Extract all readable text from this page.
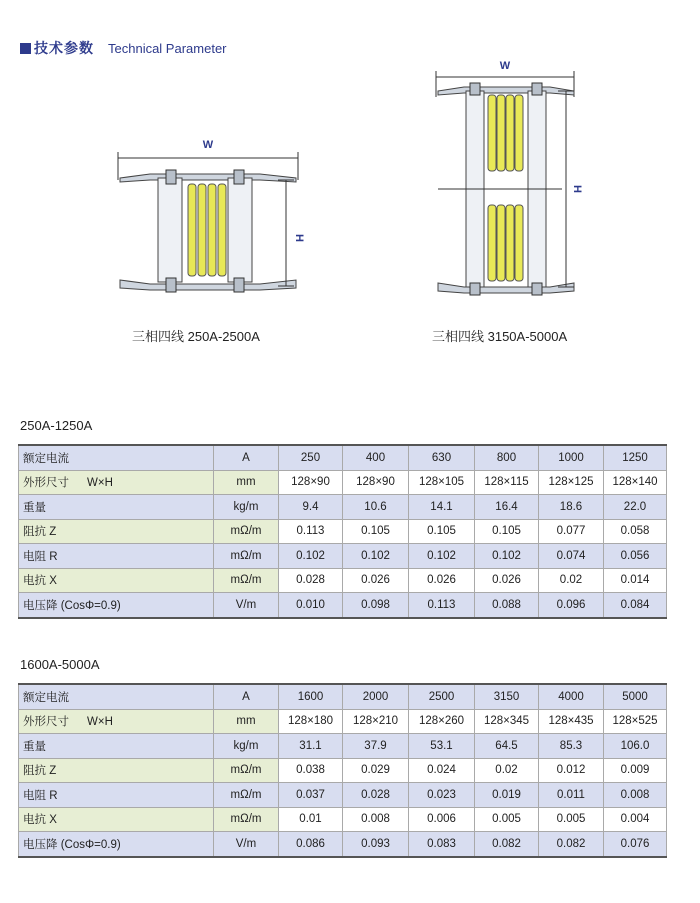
技术参数 Technical Parameter
W
H
三相四线 250A-2500A
W
H
三相四线 3150A-5000A
250A-1250A
额定电流	A	250	400	630	800	1000	1250
外形尺寸 W×H	mm	128×90	128×90	128×105	128×115	128×125	128×140
重量	kg/m	9.4	10.6	14.1	16.4	18.6	22.0
阻抗 Z	mΩ/m	0.113	0.105	0.105	0.105	0.077	0.058
电阻 R	mΩ/m	0.102	0.102	0.102	0.102	0.074	0.056
电抗 X	mΩ/m	0.028	0.026	0.026	0.026	0.02	0.014
电压降 (CosΦ=0.9)	V/m	0.010	0.098	0.113	0.088	0.096	0.084
1600A-5000A
额定电流	A	1600	2000	2500	3150	4000	5000
外形尺寸 W×H	mm	128×180	128×210	128×260	128×345	128×435	128×525
重量	kg/m	31.1	37.9	53.1	64.5	85.3	106.0
阻抗 Z	mΩ/m	0.038	0.029	0.024	0.02	0.012	0.009
电阻 R	mΩ/m	0.037	0.028	0.023	0.019	0.011	0.008
电抗 X	mΩ/m	0.01	0.008	0.006	0.005	0.005	0.004
电压降 (CosΦ=0.9)	V/m	0.086	0.093	0.083	0.082	0.082	0.076
